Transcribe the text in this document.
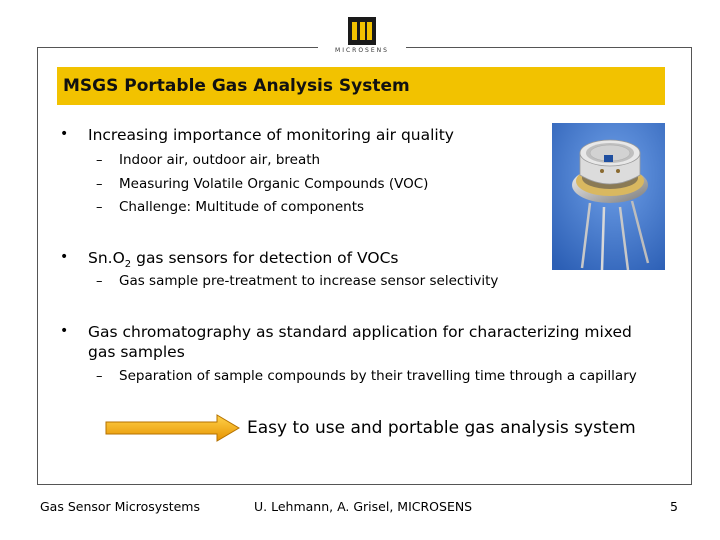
MICROSENS
MSGS Portable Gas Analysis System
• Increasing importance of monitoring air quality
– Indoor air, outdoor air, breath
– Measuring Volatile Organic Compounds (VOC)
– Challenge: Multitude of components
• $Sn.O_2$ gas sensors for detection of VOCs
– Gas sample pre-treatment to increase sensor selectivity
• Gas chromatography as standard application for characterizing mixed
gas samples
– Separation of sample compounds by their travelling time through a capillary
Easy to use and portable gas analysis system
Gas Sensor Microsystems	U. Lehmann, A. Grisel, MICROSENS	5
